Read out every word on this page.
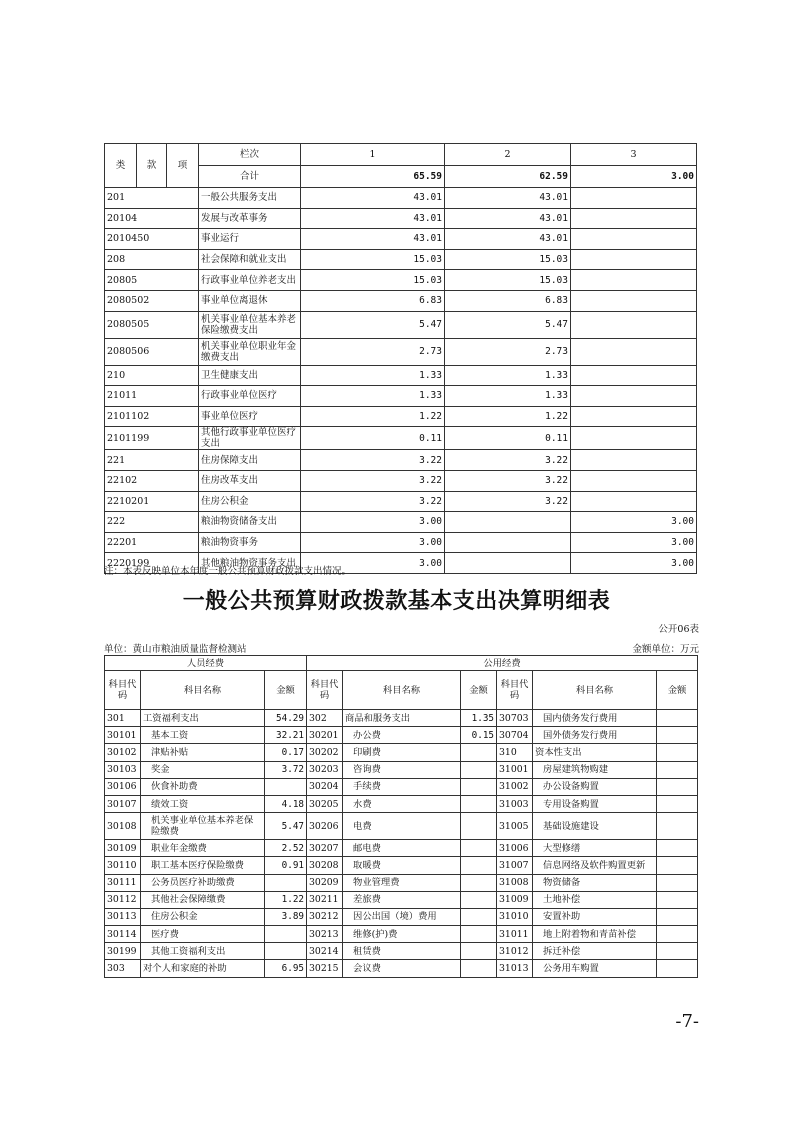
类	款	项	栏次	1	2	3
			合计	65.59	62.59	3.00
201			一般公共服务支出	43.01	43.01	
20104			发展与改革事务	43.01	43.01	
2010450			事业运行	43.01	43.01	
208			社会保障和就业支出	15.03	15.03	
20805			行政事业单位养老支出	15.03	15.03	
2080502			事业单位离退休	6.83	6.83	
2080505			机关事业单位基本养老保险缴费支出	5.47	5.47	
2080506			机关事业单位职业年金缴费支出	2.73	2.73	
210			卫生健康支出	1.33	1.33	
21011			行政事业单位医疗	1.33	1.33	
2101102			事业单位医疗	1.22	1.22	
2101199			其他行政事业单位医疗支出	0.11	0.11	
221			住房保障支出	3.22	3.22	
22102			住房改革支出	3.22	3.22	
2210201			住房公积金	3.22	3.22	
222			粮油物资储备支出	3.00		3.00
22201			粮油物资事务	3.00		3.00
2220199			其他粮油物资事务支出	3.00		3.00
注：本表反映单位本年度一般公共预算财政拨款支出情况。
一般公共预算财政拨款基本支出决算明细表
公开06表
单位：黄山市粮油质量监督检测站	金额单位：万元
人员经费			公用经费					
科目代码	科目名称	金额	科目代码	科目名称	金额	科目代码	科目名称	金额
301	工资福利支出	54.29	302	商品和服务支出	1.35	30703	国内债务发行费用	
30101	基本工资	32.21	30201	办公费	0.15	30704	国外债务发行费用	
30102	津贴补贴	0.17	30202	印刷费		310	资本性支出	
30103	奖金	3.72	30203	咨询费		31001	房屋建筑物购建	
30106	伙食补助费		30204	手续费		31002	办公设备购置	
30107	绩效工资	4.18	30205	水费		31003	专用设备购置	
30108	机关事业单位基本养老保险缴费	5.47	30206	电费		31005	基础设施建设	
30109	职业年金缴费	2.52	30207	邮电费		31006	大型修缮	
30110	职工基本医疗保险缴费	0.91	30208	取暖费		31007	信息网络及软件购置更新	
30111	公务员医疗补助缴费		30209	物业管理费		31008	物资储备	
30112	其他社会保障缴费	1.22	30211	差旅费		31009	土地补偿	
30113	住房公积金	3.89	30212	因公出国（境）费用		31010	安置补助	
30114	医疗费		30213	维修(护)费		31011	地上附着物和青苗补偿	
30199	其他工资福利支出		30214	租赁费		31012	拆迁补偿	
303	对个人和家庭的补助	6.95	30215	会议费		31013	公务用车购置	
-7-
